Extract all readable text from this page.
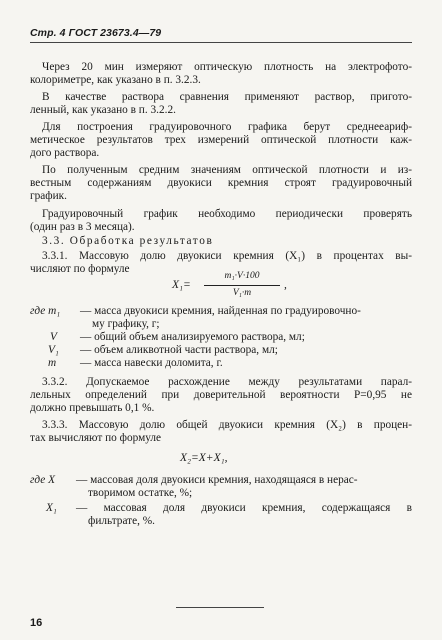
Стр. 4 ГОСТ 23673.4—79
Через 20 мин измеряют оптическую плотность на электрофото-
колориметре, как указано в п. 3.2.3.
В качестве раствора сравнения применяют раствор, пригото-
ленный, как указано в п. 3.2.2.
Для построения градуировочного графика берут среднееариф-
метическое результатов трех измерений оптической плотности каж-
дого раствора.
По полученным средним значениям оптической плотности и из-
вестным содержаниям двуокиси кремния строят градуировочный
график.
Градуировочный график необходимо периодически проверять
(один раз в 3 месяца).
3.3. Обработка результатов
3.3.1. Массовую долю двуокиси кремния (X₁) в процентах вы-
числяют по формуле
X₁=
m₁·V·100
V₁·m
,
где m₁ — масса двуокиси кремния, найденная по градуировочно-
му графику, г;
V — общий объем анализируемого раствора, мл;
V₁ — объем аликвотной части раствора, мл;
m — масса навески доломита, г.
3.3.2. Допускаемое расхождение между результатами парал-
лельных определений при доверительной вероятности P=0,95 не
должно превышать 0,1 %.
3.3.3. Массовую долю общей двуокиси кремния (X₂) в процен-
тах вычисляют по формуле
X₂=X+X₁,
где X — массовая доля двуокиси кремния, находящаяся в нерас-
творимом остатке, %;
X₁ — массовая доля двуокиси кремния, содержащаяся в
фильтрате, %.
16
